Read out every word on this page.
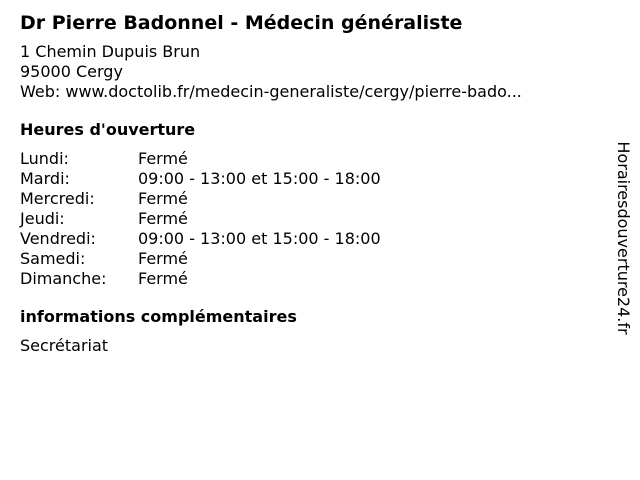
Dr Pierre Badonnel - Médecin généraliste
1 Chemin Dupuis Brun
95000 Cergy
Web: www.doctolib.fr/medecin-generaliste/cergy/pierre-bado...
Heures d'ouverture
Lundi:	Fermé
Mardi:	09:00 - 13:00 et 15:00 - 18:00
Mercredi:	Fermé
Jeudi:	Fermé
Vendredi:	09:00 - 13:00 et 15:00 - 18:00
Samedi:	Fermé
Dimanche:	Fermé
informations complémentaires
Secrétariat
Horairesdouverture24.fr
